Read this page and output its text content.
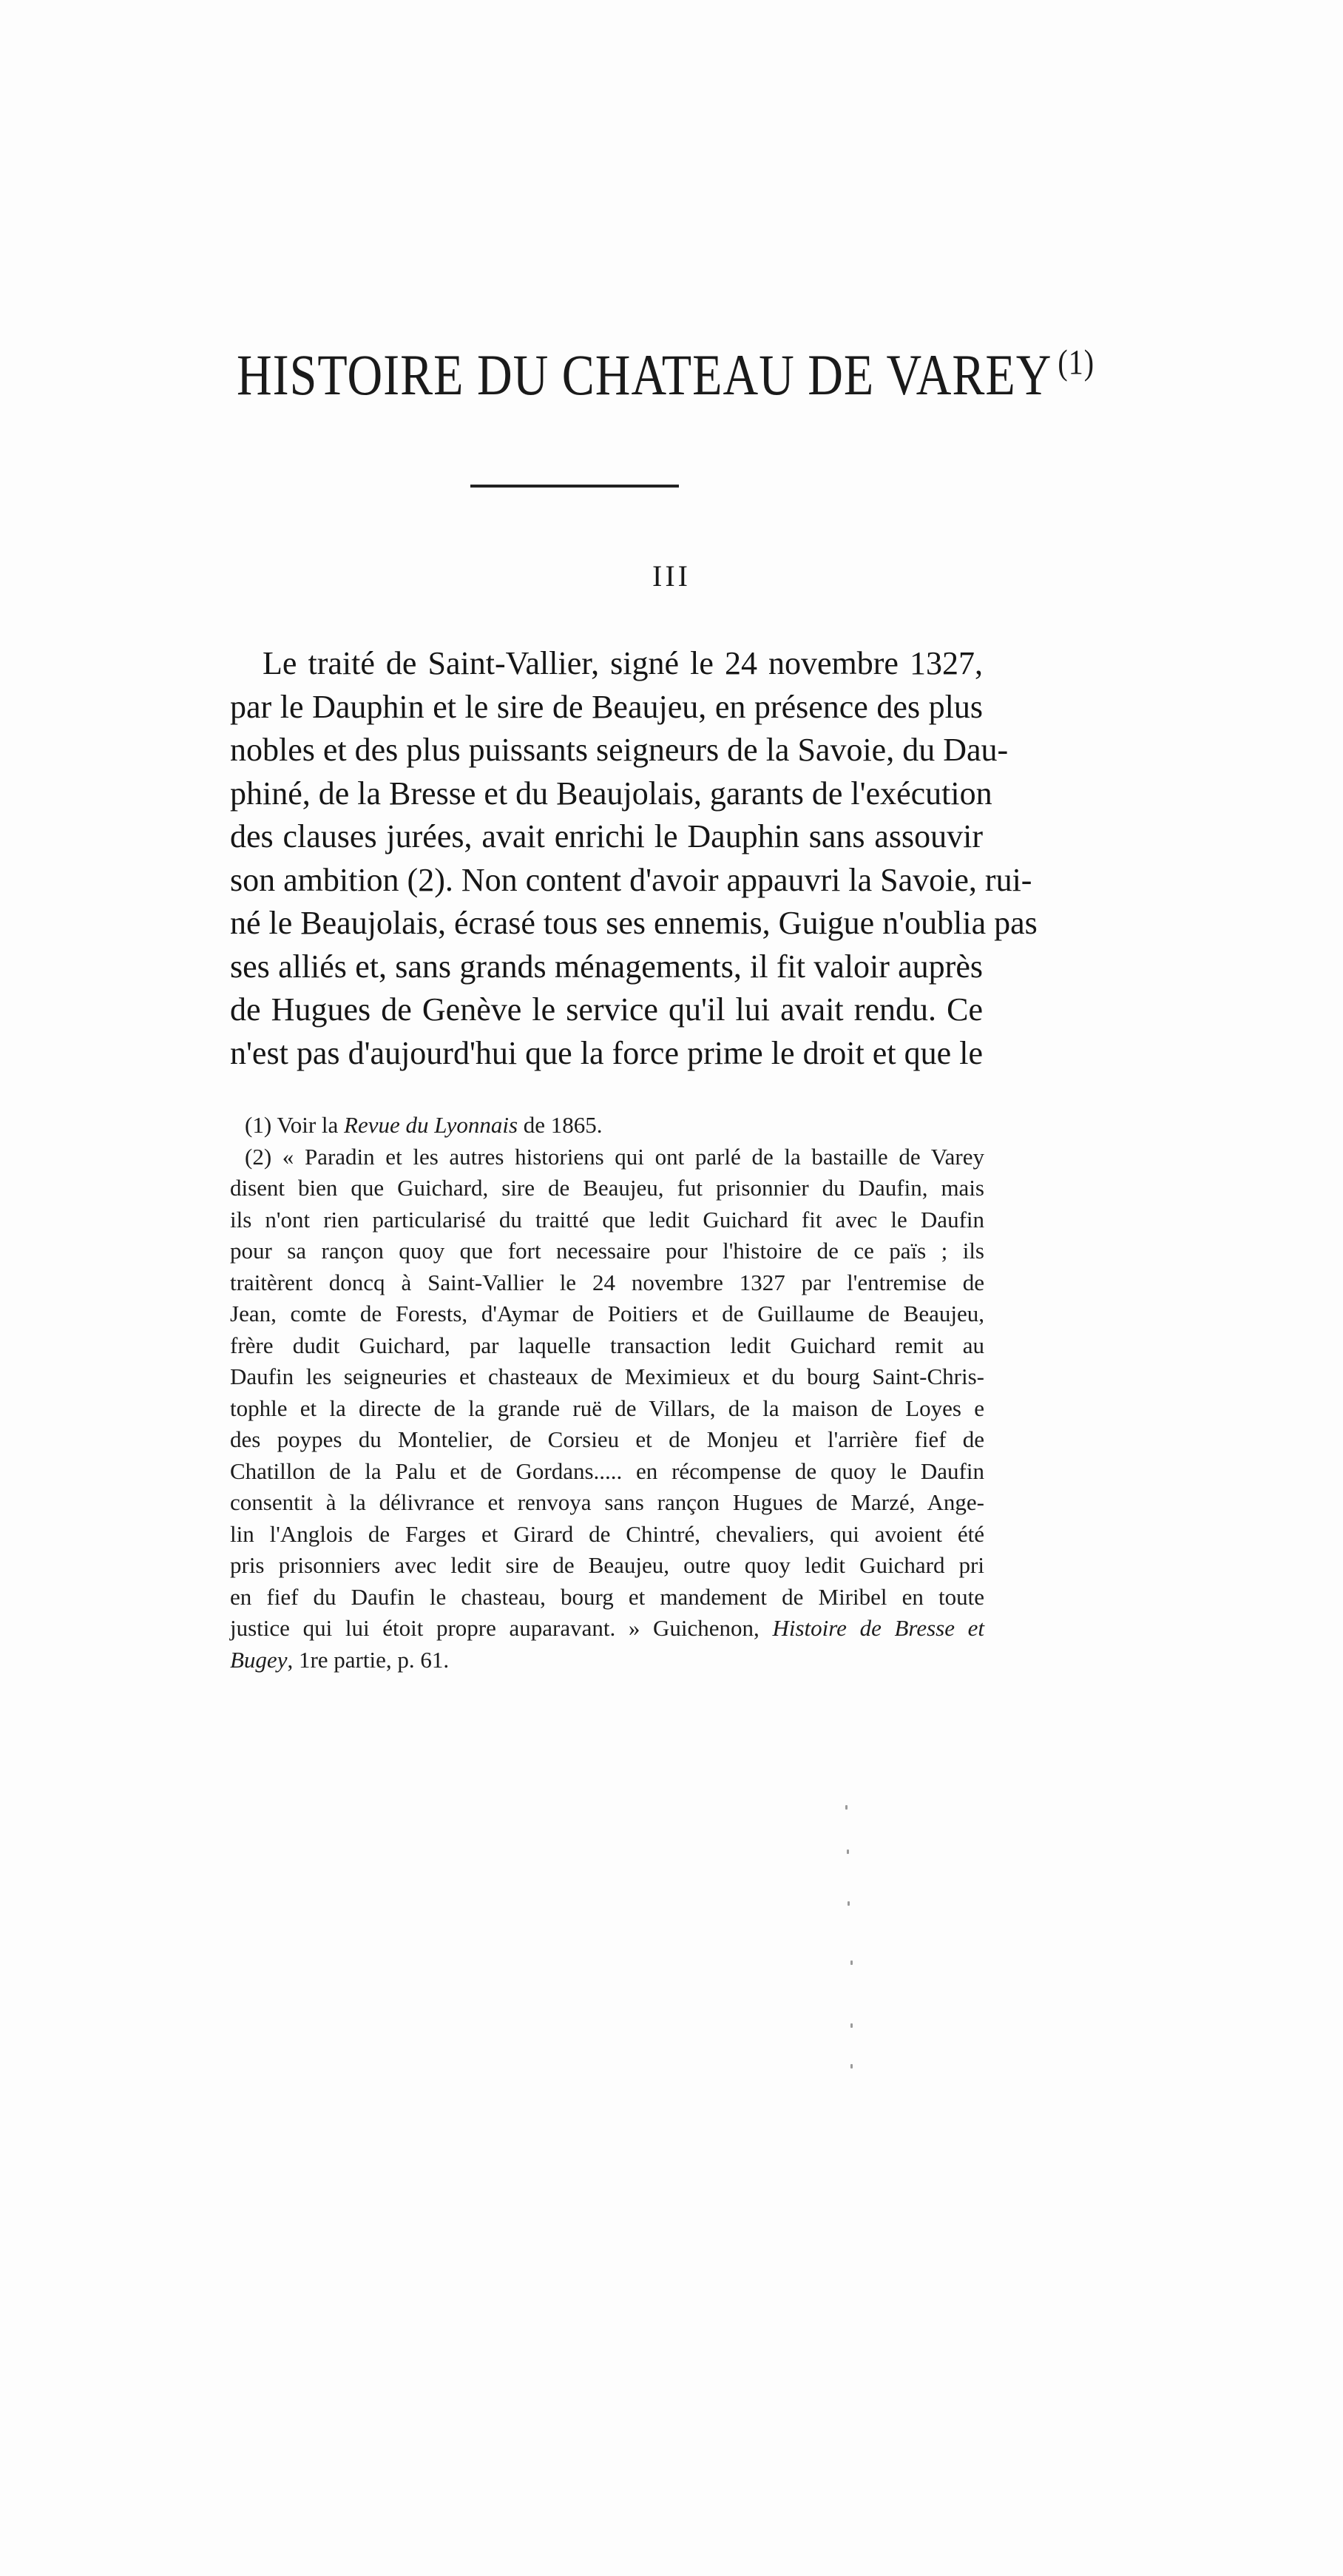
HISTOIRE DU CHATEAU DE VAREY $^{(1)}$
III
Le traité de Saint-Vallier, signé le 24 novembre 1327,
par le Dauphin et le sire de Beaujeu, en présence des plus
nobles et des plus puissants seigneurs de la Savoie, du Dau-
phiné, de la Bresse et du Beaujolais, garants de l'exécution
des clauses jurées, avait enrichi le Dauphin sans assouvir
son ambition (2). Non content d'avoir appauvri la Savoie, rui-
né le Beaujolais, écrasé tous ses ennemis, Guigue n'oublia pas
ses alliés et, sans grands ménagements, il fit valoir auprès
de Hugues de Genève le service qu'il lui avait rendu. Ce
n'est pas d'aujourd'hui que la force prime le droit et que le
(1) Voir la Revue du Lyonnais de 1865.
(2) « Paradin et les autres historiens qui ont parlé de la bastaille de Varey
disent bien que Guichard, sire de Beaujeu, fut prisonnier du Daufin, mais
ils n'ont rien particularisé du traitté que ledit Guichard fit avec le Daufin
pour sa rançon quoy que fort necessaire pour l'histoire de ce païs ; ils
traitèrent doncq à Saint-Vallier le 24 novembre 1327 par l'entremise de
Jean, comte de Forests, d'Aymar de Poitiers et de Guillaume de Beaujeu,
frère dudit Guichard, par laquelle transaction ledit Guichard remit au
Daufin les seigneuries et chasteaux de Meximieux et du bourg Saint-Chris-
tophle et la directe de la grande ruë de Villars, de la maison de Loyes e
des poypes du Montelier, de Corsieu et de Monjeu et l'arrière fief de
Chatillon de la Palu et de Gordans..... en récompense de quoy le Daufin
consentit à la délivrance et renvoya sans rançon Hugues de Marzé, Ange-
lin l'Anglois de Farges et Girard de Chintré, chevaliers, qui avoient été
pris prisonniers avec ledit sire de Beaujeu, outre quoy ledit Guichard pri
en fief du Daufin le chasteau, bourg et mandement de Miribel en toute
justice qui lui étoit propre auparavant. » Guichenon, Histoire de Bresse et
Bugey, 1re partie, p. 61.
